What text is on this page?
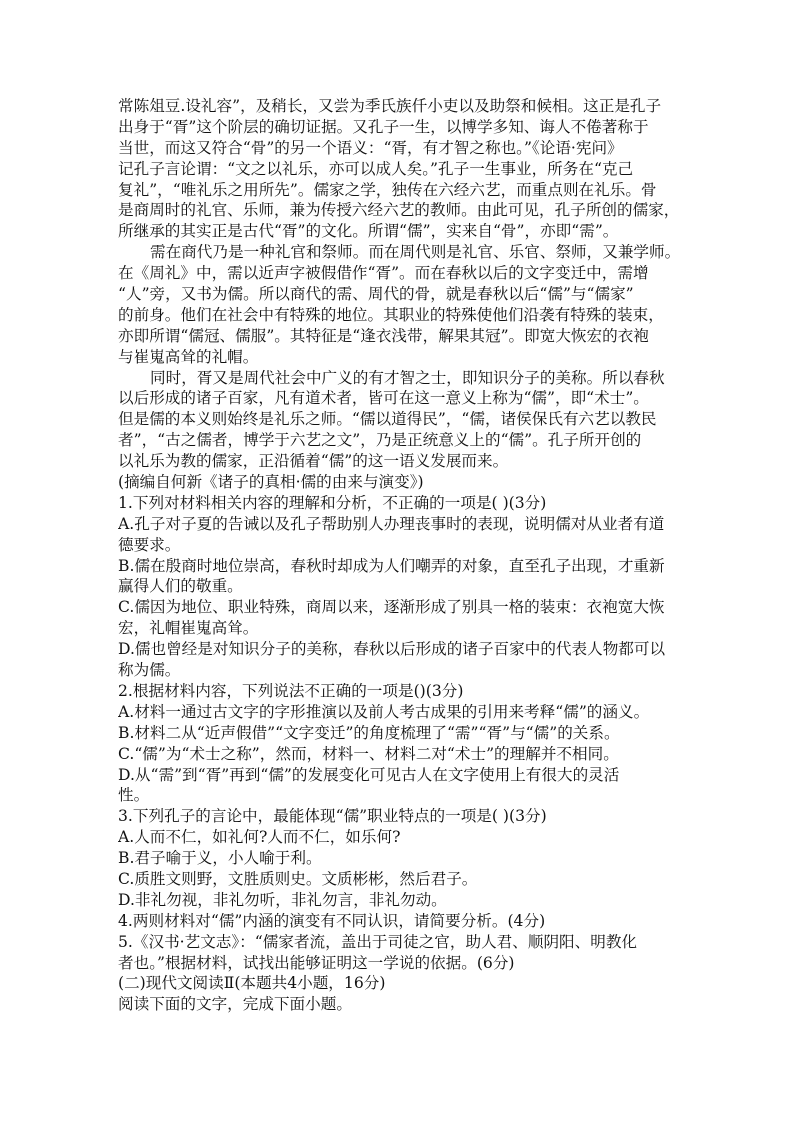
常陈俎豆.设礼容”，及稍长，又尝为季氏族仟小吏以及助祭和候相。这正是孔子
出身于“胥”这个阶层的确切证据。又孔子一生，以博学多知、诲人不倦著称于
当世，而这又符合“骨”的另一个语义：“胥，有才智之称也。”《论语·宪问》
记孔子言论谓：“文之以礼乐，亦可以成人矣。”孔子一生事业，所务在“克己
复礼”，“唯礼乐之用所先”。儒家之学，独传在六经六艺，而重点则在礼乐。骨
是商周时的礼官、乐师，兼为传授六经六艺的教师。由此可见，孔子所创的儒家，
所继承的其实正是古代“胥”的文化。所谓“儒”，实来自“骨”，亦即“需”。
需在商代乃是一种礼官和祭师。而在周代则是礼官、乐官、祭师，又兼学师。
在《周礼》中，需以近声字被假借作“胥”。而在春秋以后的文字变迁中，需增
“人”旁，又书为儒。所以商代的需、周代的骨，就是春秋以后“儒”与“儒家”
的前身。他们在社会中有特殊的地位。其职业的特殊使他们沿袭有特殊的装束，
亦即所谓“儒冠、儒服”。其特征是“逢衣浅带，解果其冠”。即宽大恢宏的衣袍
与崔嵬高耸的礼帽。
同时，胥又是周代社会中广义的有才智之士，即知识分子的美称。所以春秋
以后形成的诸子百家，凡有道术者，皆可在这一意义上称为“儒”，即“术士”。
但是儒的本义则始终是礼乐之师。“儒以道得民”，“儒，诸侯保氏有六艺以教民
者”，“古之儒者，博学于六艺之文”，乃是正统意义上的“儒”。孔子所开创的
以礼乐为教的儒家，正沿循着“儒”的这一语义发展而来。
(摘编自何新《诸子的真相·儒的由来与演变》)
1.下列对材料相关内容的理解和分析，不正确的一项是( )(3分)
A.孔子对子夏的告诫以及孔子帮助别人办理丧事时的表现，说明儒对从业者有道
德要求。
B.儒在殷商时地位崇高，春秋时却成为人们嘲弄的对象，直至孔子出现，才重新
赢得人们的敬重。
C.儒因为地位、职业特殊，商周以来，逐渐形成了别具一格的装束：衣袍宽大恢
宏，礼帽崔嵬高耸。
D.儒也曾经是对知识分子的美称，春秋以后形成的诸子百家中的代表人物都可以
称为儒。
2.根据材料内容，下列说法不正确的一项是()(3分)
A.材料一通过古文字的字形推演以及前人考古成果的引用来考释“儒”的涵义。
B.材料二从“近声假借”“文字变迁”的角度梳理了“需”“胥”与“儒”的关系。
C.“儒”为“术士之称”，然而，材料一、材料二对“术士”的理解并不相同。
D.从“需”到“胥”再到“儒”的发展变化可见古人在文字使用上有很大的灵活
性。
3.下列孔子的言论中，最能体现“儒”职业特点的一项是( )(3分)
A.人而不仁，如礼何?人而不仁，如乐何?
B.君子喻于义，小人喻于利。
C.质胜文则野，文胜质则史。文质彬彬，然后君子。
D.非礼勿视，非礼勿听，非礼勿言，非礼勿动。
4.两则材料对“儒”内涵的演变有不同认识，请简要分析。(4分)
5.《汉书·艺文志》：“儒家者流，盖出于司徒之官，助人君、顺阴阳、明教化
者也。”根据材料，试找出能够证明这一学说的依据。(6分)
(二)现代文阅读Ⅱ(本题共4小题，16分)
阅读下面的文字，完成下面小题。
